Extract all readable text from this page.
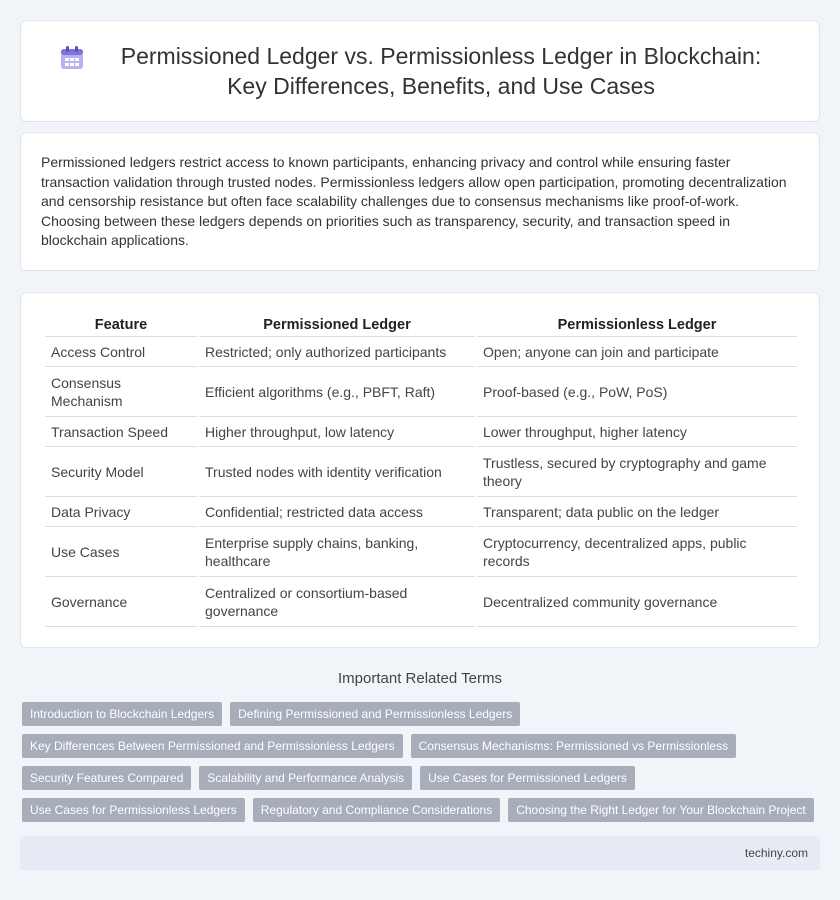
Permissioned Ledger vs. Permissionless Ledger in Blockchain: Key Differences, Benefits, and Use Cases

Permissioned ledgers restrict access to known participants, enhancing privacy and control while ensuring faster transaction validation through trusted nodes. Permissionless ledgers allow open participation, promoting decentralization and censorship resistance but often face scalability challenges due to consensus mechanisms like proof-of-work. Choosing between these ledgers depends on priorities such as transparency, security, and transaction speed in blockchain applications.

Feature	Permissioned Ledger	Permissionless Ledger
Access Control	Restricted; only authorized participants	Open; anyone can join and participate
Consensus Mechanism	Efficient algorithms (e.g., PBFT, Raft)	Proof-based (e.g., PoW, PoS)
Transaction Speed	Higher throughput, low latency	Lower throughput, higher latency
Security Model	Trusted nodes with identity verification	Trustless, secured by cryptography and game theory
Data Privacy	Confidential; restricted data access	Transparent; data public on the ledger
Use Cases	Enterprise supply chains, banking, healthcare	Cryptocurrency, decentralized apps, public records
Governance	Centralized or consortium-based governance	Decentralized community governance
Important Related Terms
Introduction to Blockchain Ledgers	Defining Permissioned and Permissionless Ledgers
Key Differences Between Permissioned and Permissionless Ledgers	Consensus Mechanisms: Permissioned vs Permissionless
Security Features Compared	Scalability and Performance Analysis	Use Cases for Permissioned Ledgers
Use Cases for Permissionless Ledgers	Regulatory and Compliance Considerations	Choosing the Right Ledger for Your Blockchain Project
techiny.com
